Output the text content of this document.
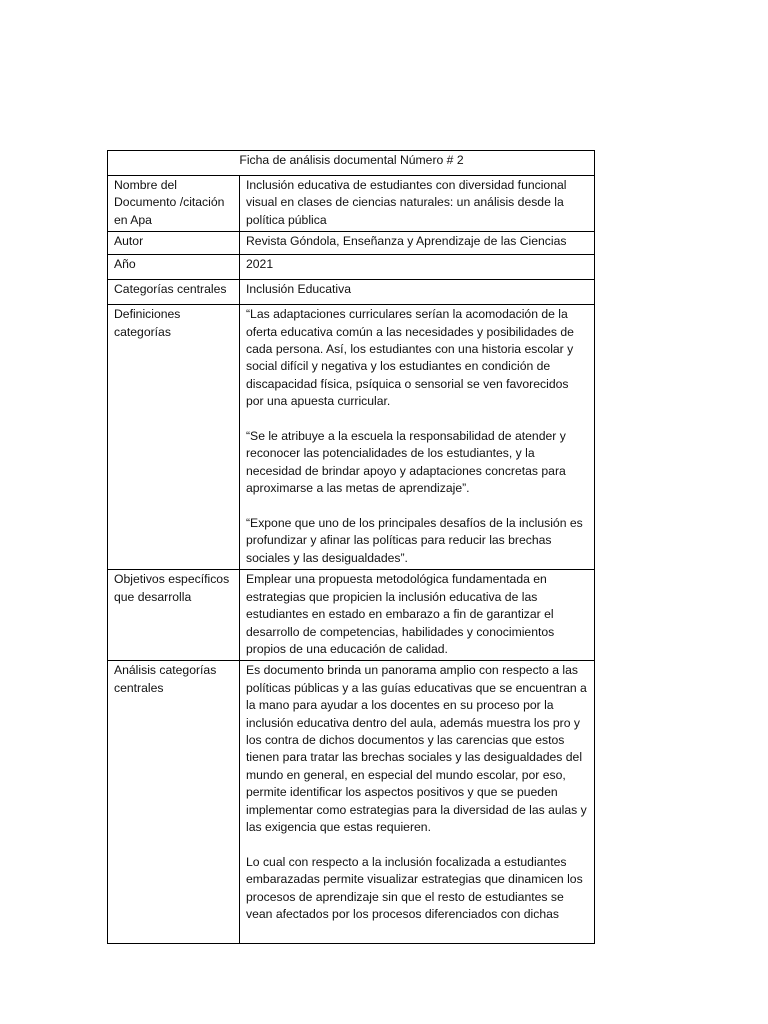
Ficha de análisis documental Número # 2	
Nombre del Documento /citación en Apa	Inclusión educativa de estudiantes con diversidad funcional visual en clases de ciencias naturales: un análisis desde la política pública
Autor	Revista Góndola, Enseñanza y Aprendizaje de las Ciencias
Año	2021
Categorías centrales	Inclusión Educativa
Definiciones categorías	“Las adaptaciones curriculares serían la acomodación de la oferta educativa común a las necesidades y posibilidades de cada persona. Así, los estudiantes con una historia escolar y social difícil y negativa y los estudiantes en condición de discapacidad física, psíquica o sensorial se ven favorecidos por una apuesta curricular.

“Se le atribuye a la escuela la responsabilidad de atender y reconocer las potencialidades de los estudiantes, y la necesidad de brindar apoyo y adaptaciones concretas para aproximarse a las metas de aprendizaje”.

“Expone que uno de los principales desafíos de la inclusión es profundizar y afinar las políticas para reducir las brechas sociales y las desigualdades”.

Objetivos específicos que desarrolla	Emplear una propuesta metodológica fundamentada en estrategias que propicien la inclusión educativa de las estudiantes en estado en embarazo a fin de garantizar el desarrollo de competencias, habilidades y conocimientos propios de una educación de calidad.
Análisis categorías centrales	Es documento brinda un panorama amplio con respecto a las políticas públicas y a las guías educativas que se encuentran a la mano para ayudar a los docentes en su proceso por la inclusión educativa dentro del aula, además muestra los pro y los contra de dichos documentos y las carencias que estos tienen para tratar las brechas sociales y las desigualdades del mundo en general, en especial del mundo escolar, por eso, permite identificar los aspectos positivos y que se pueden implementar como estrategias para la diversidad de las aulas y las exigencia que estas requieren.

Lo cual con respecto a la inclusión focalizada a estudiantes embarazadas permite visualizar estrategias que dinamicen los procesos de aprendizaje sin que el resto de estudiantes se vean afectados por los procesos diferenciados con dichas
